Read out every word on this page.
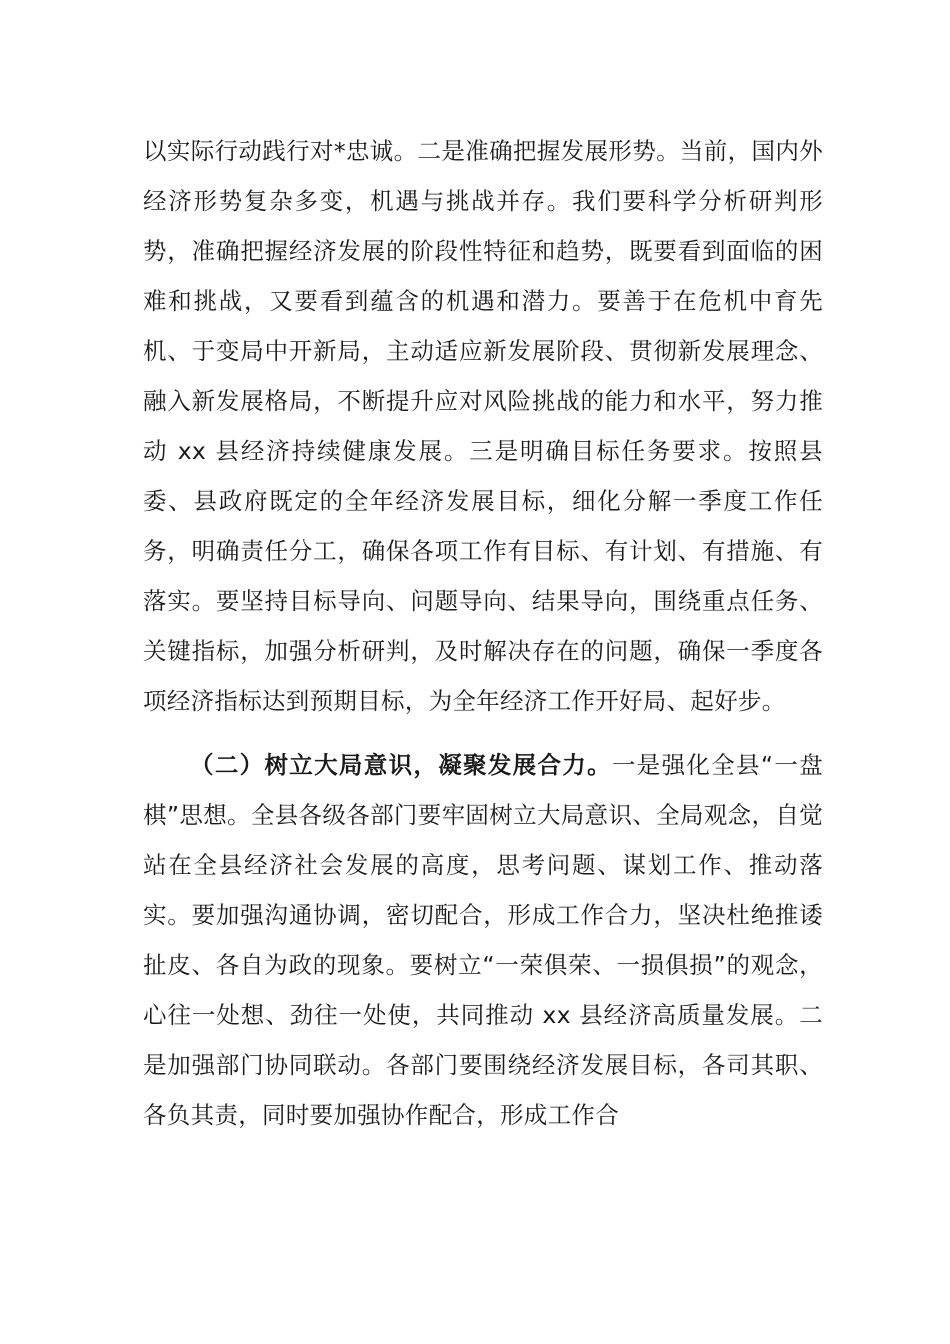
以实际行动践行对*忠诚。二是准确把握发展形势。当前，国内外经济形势复杂多变，机遇与挑战并存。我们要科学分析研判形势，准确把握经济发展的阶段性特征和趋势，既要看到面临的困难和挑战，又要看到蕴含的机遇和潜力。要善于在危机中育先机、于变局中开新局，主动适应新发展阶段、贯彻新发展理念、融入新发展格局，不断提升应对风险挑战的能力和水平，努力推动 xx 县经济持续健康发展。三是明确目标任务要求。按照县委、县政府既定的全年经济发展目标，细化分解一季度工作任务，明确责任分工，确保各项工作有目标、有计划、有措施、有落实。要坚持目标导向、问题导向、结果导向，围绕重点任务、关键指标，加强分析研判，及时解决存在的问题，确保一季度各项经济指标达到预期目标，为全年经济工作开好局、起好步。

（二）树立大局意识，凝聚发展合力。一是强化全县“一盘棋”思想。全县各级各部门要牢固树立大局意识、全局观念，自觉站在全县经济社会发展的高度，思考问题、谋划工作、推动落实。要加强沟通协调，密切配合，形成工作合力，坚决杜绝推诿扯皮、各自为政的现象。要树立“一荣俱荣、一损俱损”的观念，心往一处想、劲往一处使，共同推动 xx 县经济高质量发展。二是加强部门协同联动。各部门要围绕经济发展目标，各司其职、各负其责，同时要加强协作配合，形成工作合
